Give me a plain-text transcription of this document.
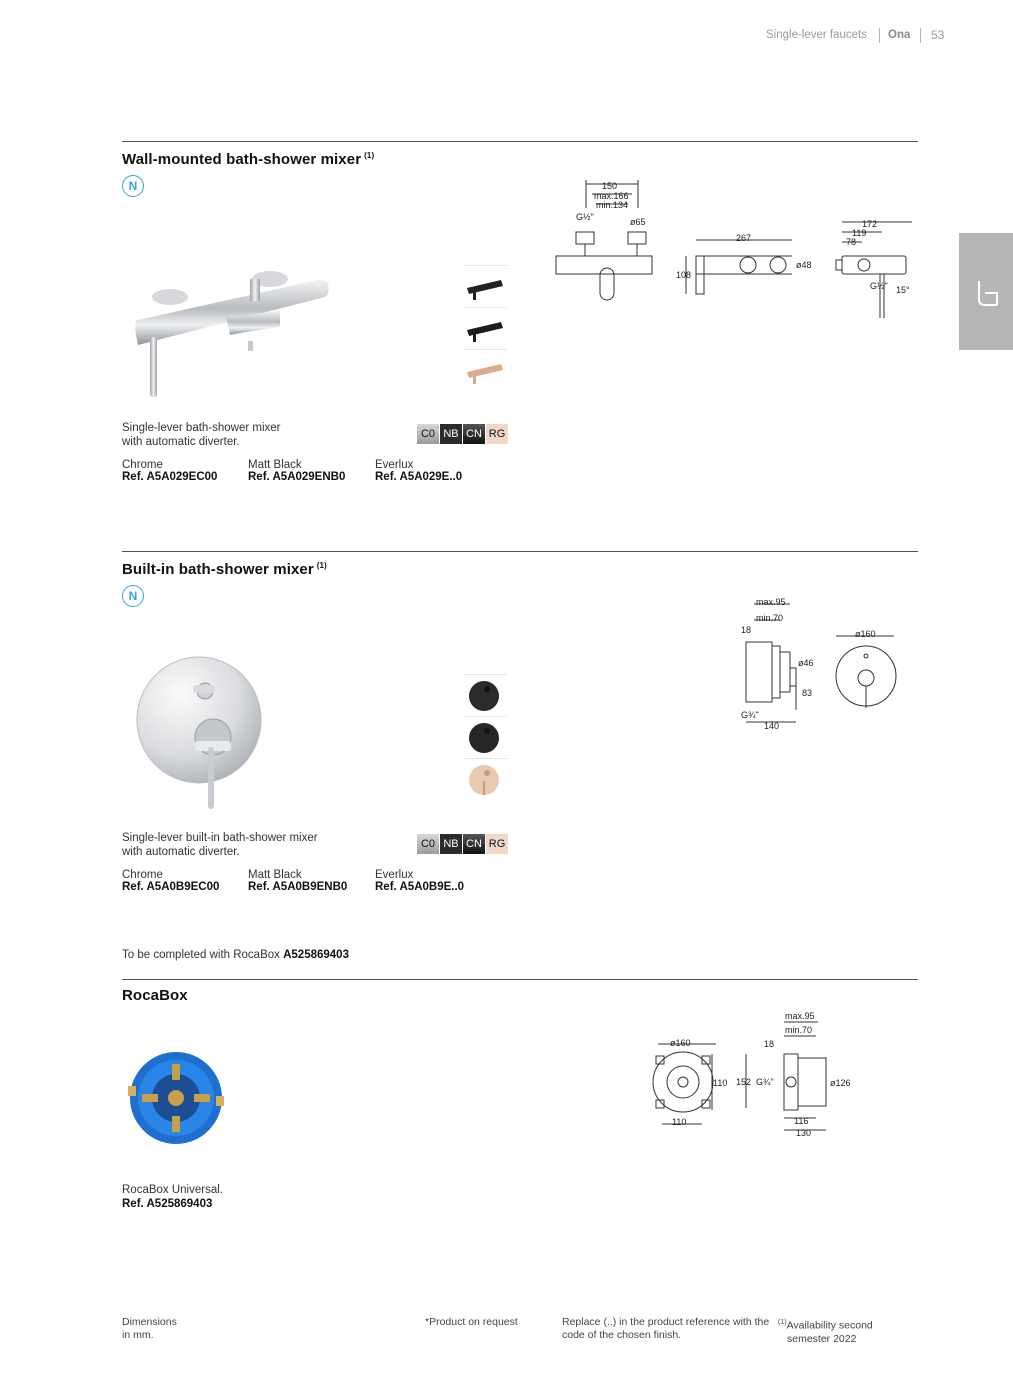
Single-lever faucets Ona 53
Wall-mounted bath-shower mixer $^{(1)}$
N	150
max.166
min.134
G½"	ø65
267
108
ø48
172
119
78
G½" 15°
Single-lever bath-shower mixer
with automatic diverter.
C0 NB CN RG
Chrome
Ref. A5A029EC00
Matt Black
Ref. A5A029ENB0
Everlux
Ref. A5A029E..0
Built-in bath-shower mixer $^{(1)}$
N	max.95
min.70
18
ø46
83
G¾"
140
ø160
Single-lever built-in bath-shower mixer
with automatic diverter.
C0 NB CN RG
Chrome
Ref. A5A0B9EC00
Matt Black
Ref. A5A0B9ENB0
Everlux
Ref. A5A0B9E..0
To be completed with RocaBox A525869403
RocaBox
ø160
110
110
max.95
min.70
18
152 G¾"	ø126
116
130
RocaBox Universal.
Ref. A525869403
Dimensions
in mm.
*Product on request	Replace (..) in the product reference with the
code of the chosen finish.
$^{(1)}$Availability second
semester 2022
